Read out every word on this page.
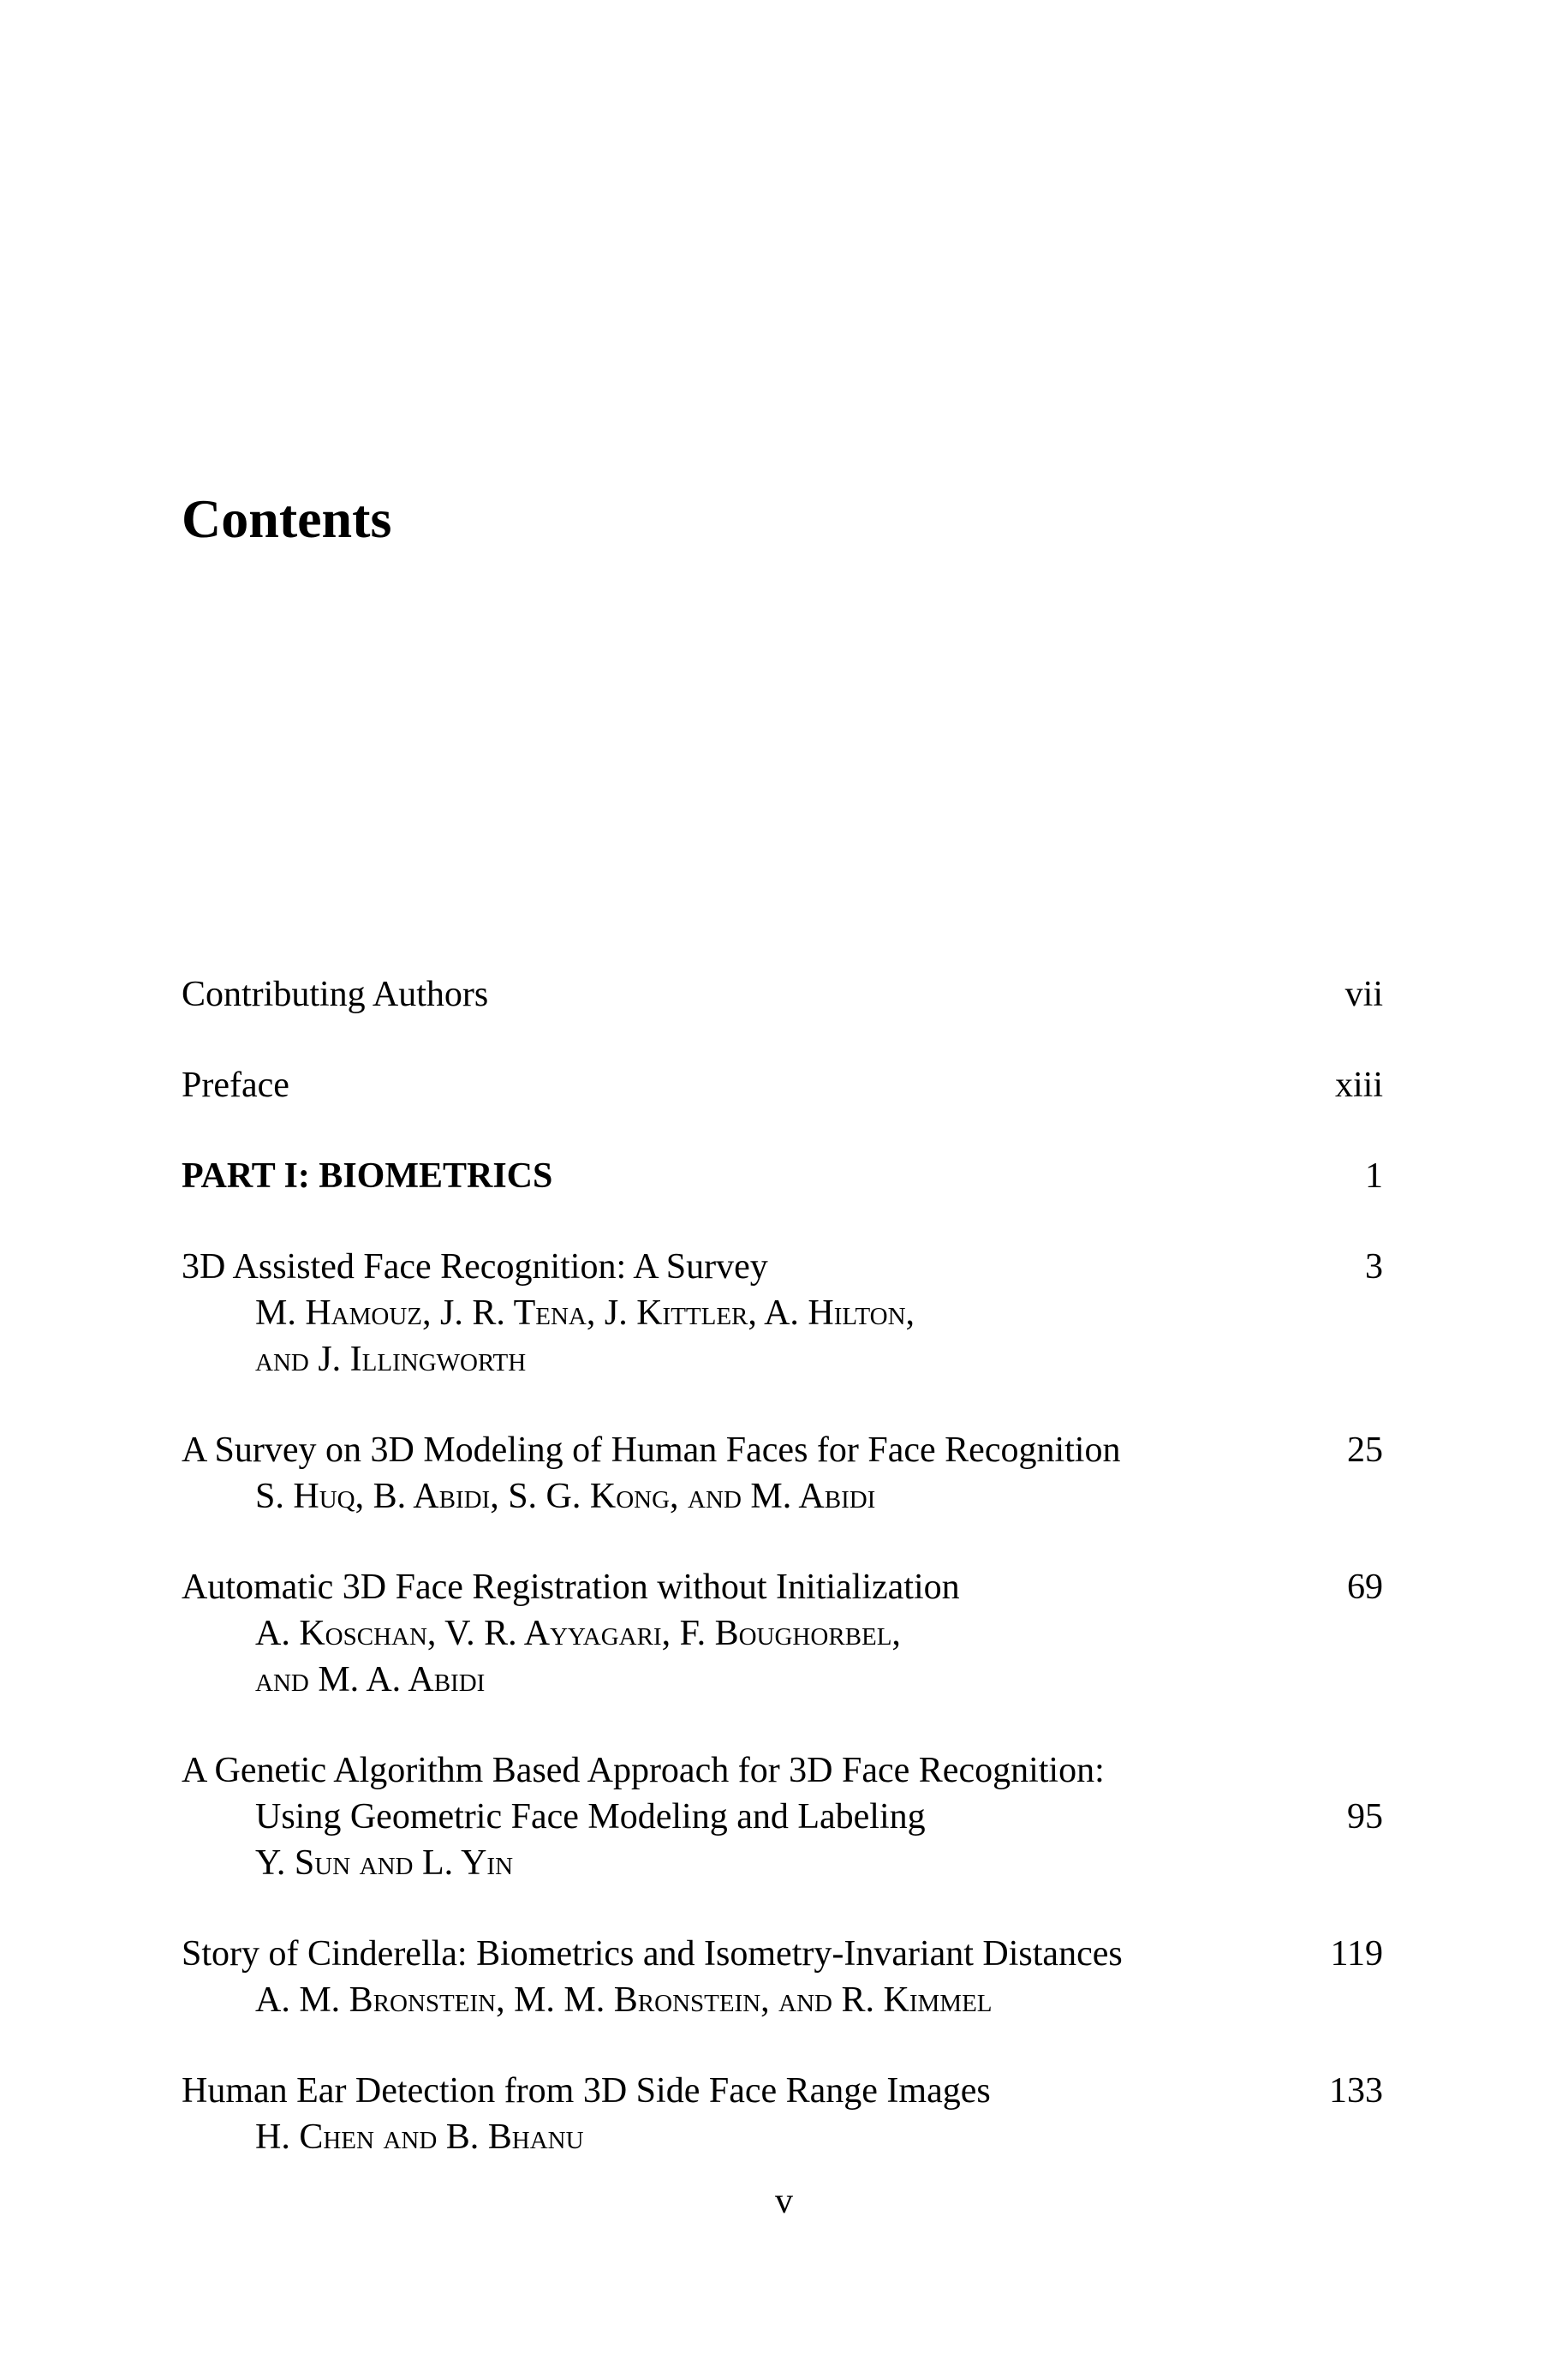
Contents
Contributing Authors	vii
Preface	xiii
PART I: BIOMETRICS	1
3D Assisted Face Recognition: A Survey	3
M. Hamouz, J. R. Tena, J. Kittler, A. Hilton,
and J. Illingworth
A Survey on 3D Modeling of Human Faces for Face Recognition	25
S. Huq, B. Abidi, S. G. Kong, and M. Abidi
Automatic 3D Face Registration without Initialization	69
A. Koschan, V. R. Ayyagari, F. Boughorbel,
and M. A. Abidi
A Genetic Algorithm Based Approach for 3D Face Recognition:
Using Geometric Face Modeling and Labeling	95
Y. Sun and L. Yin
Story of Cinderella: Biometrics and Isometry-Invariant Distances	119
A. M. Bronstein, M. M. Bronstein, and R. Kimmel
Human Ear Detection from 3D Side Face Range Images	133
H. Chen and B. Bhanu
v
